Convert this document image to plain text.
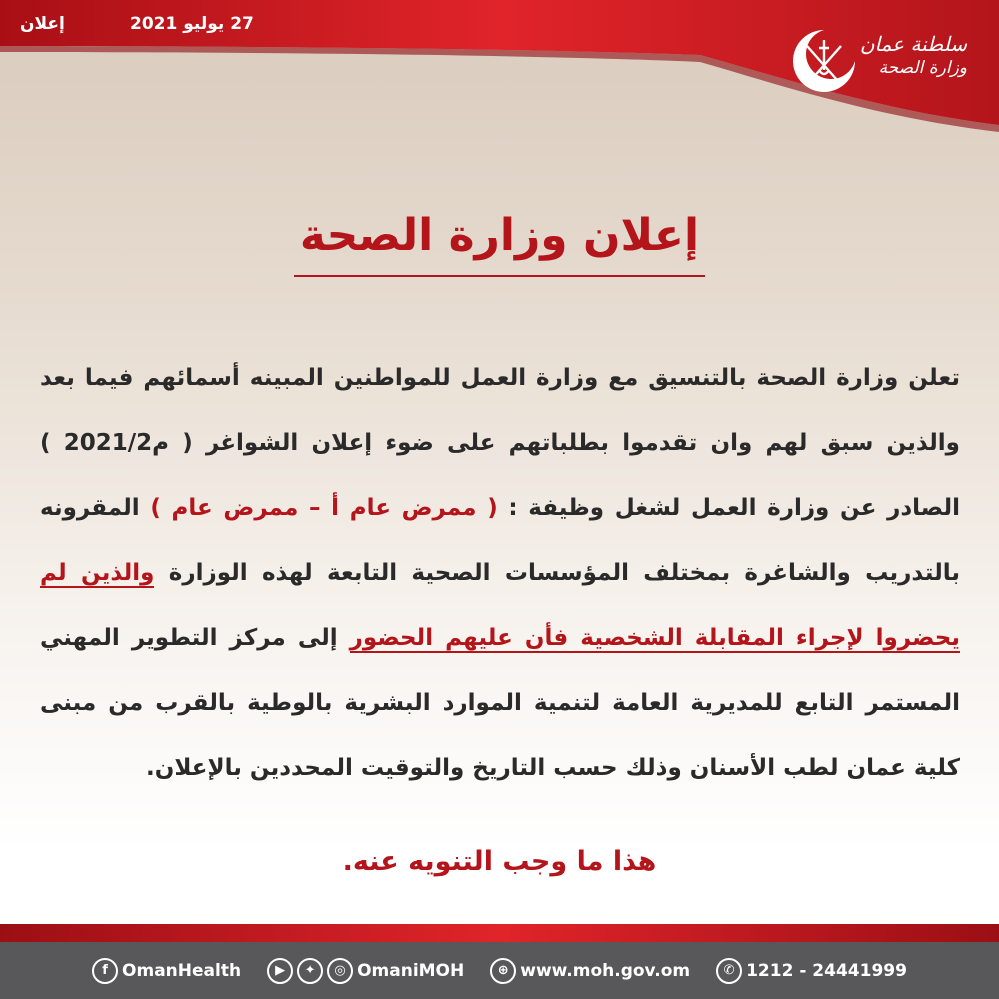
27 يوليو 2021
إعلان
سلطنة عمان
وزارة الصحة
إعلان وزارة الصحة
تعلن وزارة الصحة بالتنسيق مع وزارة العمل للمواطنين المبينه أسمائهم فيما بعد والذين سبق لهم وان تقدموا بطلباتهم على ضوء إعلان الشواغر ( م2021/2 ) الصادر عن وزارة العمل لشغل وظيفة : ( ممرض عام أ – ممرض عام ) المقرونه بالتدريب والشاغرة بمختلف المؤسسات الصحية التابعة لهذه الوزارة والذين لم يحضروا لإجراء المقابلة الشخصية فأن عليهم الحضور إلى مركز التطوير المهني المستمر التابع للمديرية العامة لتنمية الموارد البشرية بالوطية بالقرب من مبنى كلية عمان لطب الأسنان وذلك حسب التاريخ والتوقيت المحددين بالإعلان.
هذا ما وجب التنويه عنه.
f OmanHealth	▶	✦	◎ OmaniMOH	⊕ www.moh.gov.om	✆ 1212 - 24441999
